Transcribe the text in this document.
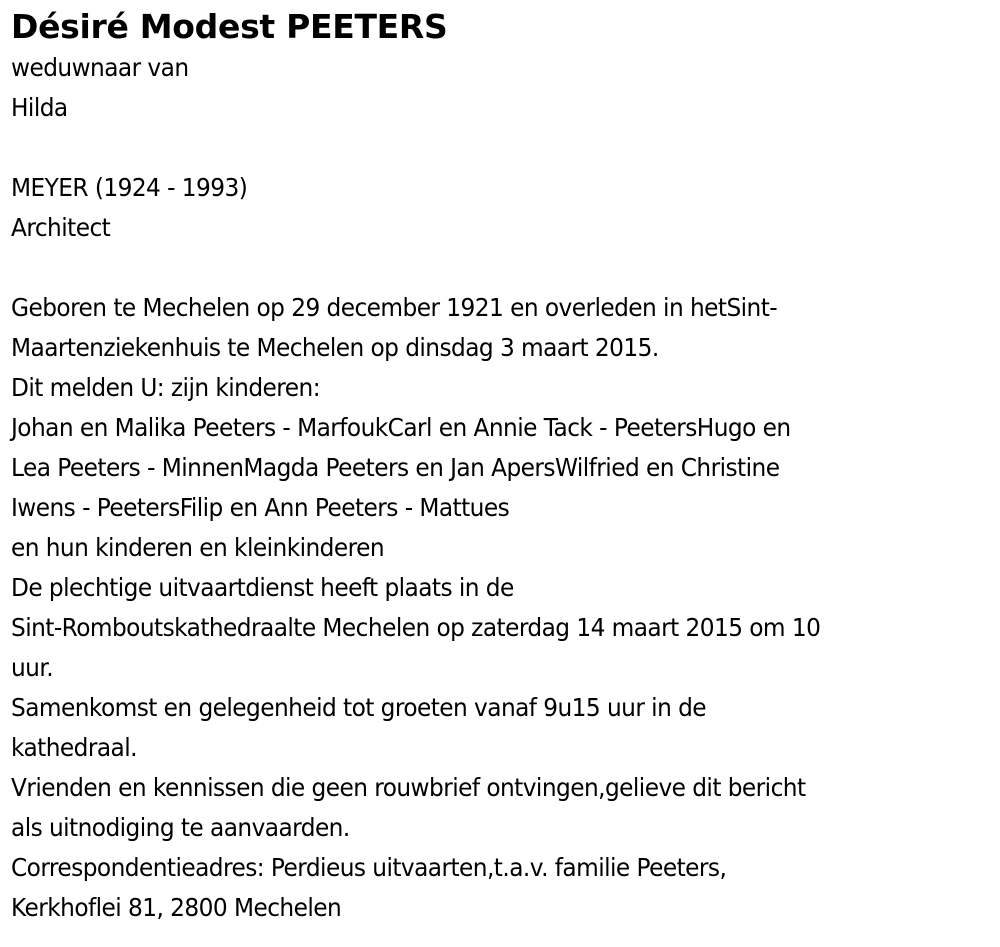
Désiré Modest PEETERS
weduwnaar van
Hilda
MEYER (1924 - 1993)
Architect
Geboren te Mechelen op 29 december 1921 en overleden in hetSint-
Maartenziekenhuis te Mechelen op dinsdag 3 maart 2015.
Dit melden U: zijn kinderen:
Johan en Malika Peeters - MarfoukCarl en Annie Tack - PeetersHugo en
Lea Peeters - MinnenMagda Peeters en Jan ApersWilfried en Christine
Iwens - PeetersFilip en Ann Peeters - Mattues
en hun kinderen en kleinkinderen
De plechtige uitvaartdienst heeft plaats in de
Sint-Romboutskathedraalte Mechelen op zaterdag 14 maart 2015 om 10
uur.
Samenkomst en gelegenheid tot groeten vanaf 9u15 uur in de
kathedraal.
Vrienden en kennissen die geen rouwbrief ontvingen,gelieve dit bericht
als uitnodiging te aanvaarden.
Correspondentieadres: Perdieus uitvaarten,t.a.v. familie Peeters,
Kerkhoflei 81, 2800 Mechelen
